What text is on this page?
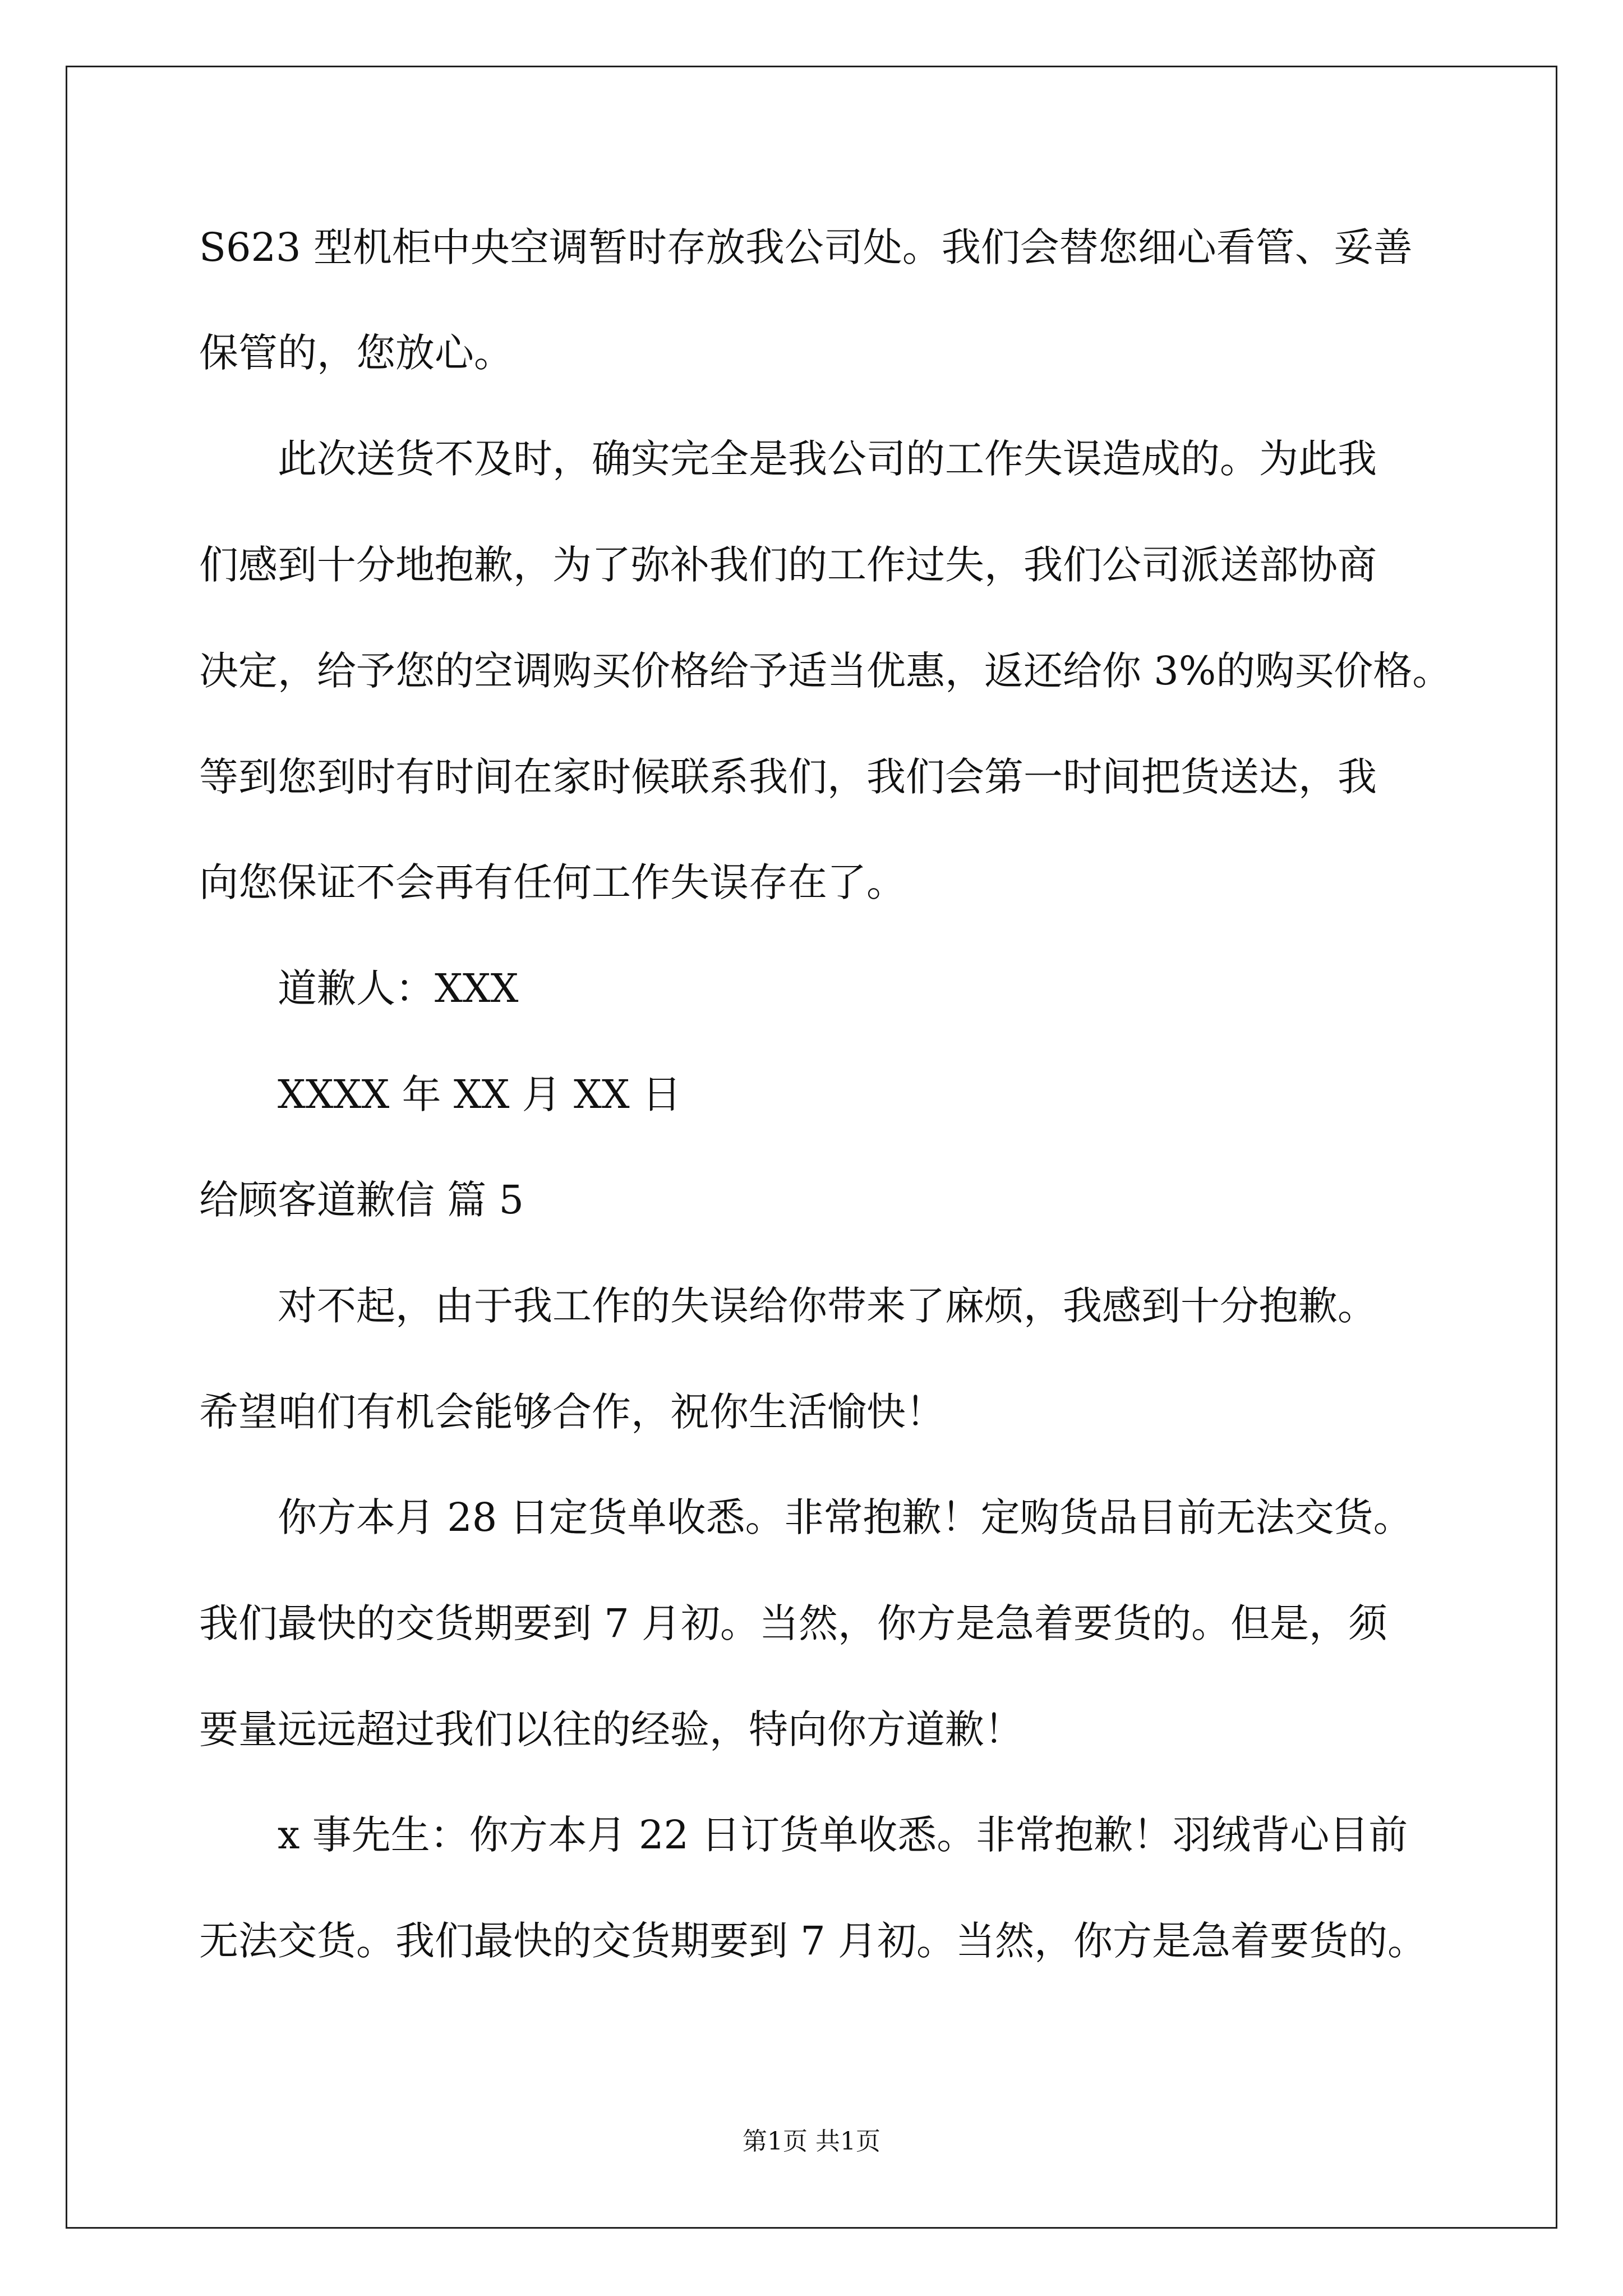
S623 型机柜中央空调暂时存放我公司处。我们会替您细心看管、妥善
保管的，您放心。
此次送货不及时，确实完全是我公司的工作失误造成的。为此我
们感到十分地抱歉，为了弥补我们的工作过失，我们公司派送部协商
决定，给予您的空调购买价格给予适当优惠，返还给你 3%的购买价格。
等到您到时有时间在家时候联系我们，我们会第一时间把货送达，我
向您保证不会再有任何工作失误存在了。
道歉人：XXX
XXXX 年 XX 月 XX 日
给顾客道歉信 篇 5
对不起，由于我工作的失误给你带来了麻烦，我感到十分抱歉。
希望咱们有机会能够合作，祝你生活愉快！
你方本月 28 日定货单收悉。非常抱歉！定购货品目前无法交货。
我们最快的交货期要到 7 月初。当然，你方是急着要货的。但是，须
要量远远超过我们以往的经验，特向你方道歉！
x 事先生：你方本月 22 日订货单收悉。非常抱歉！羽绒背心目前
无法交货。我们最快的交货期要到 7 月初。当然，你方是急着要货的。
第1页 共1页
